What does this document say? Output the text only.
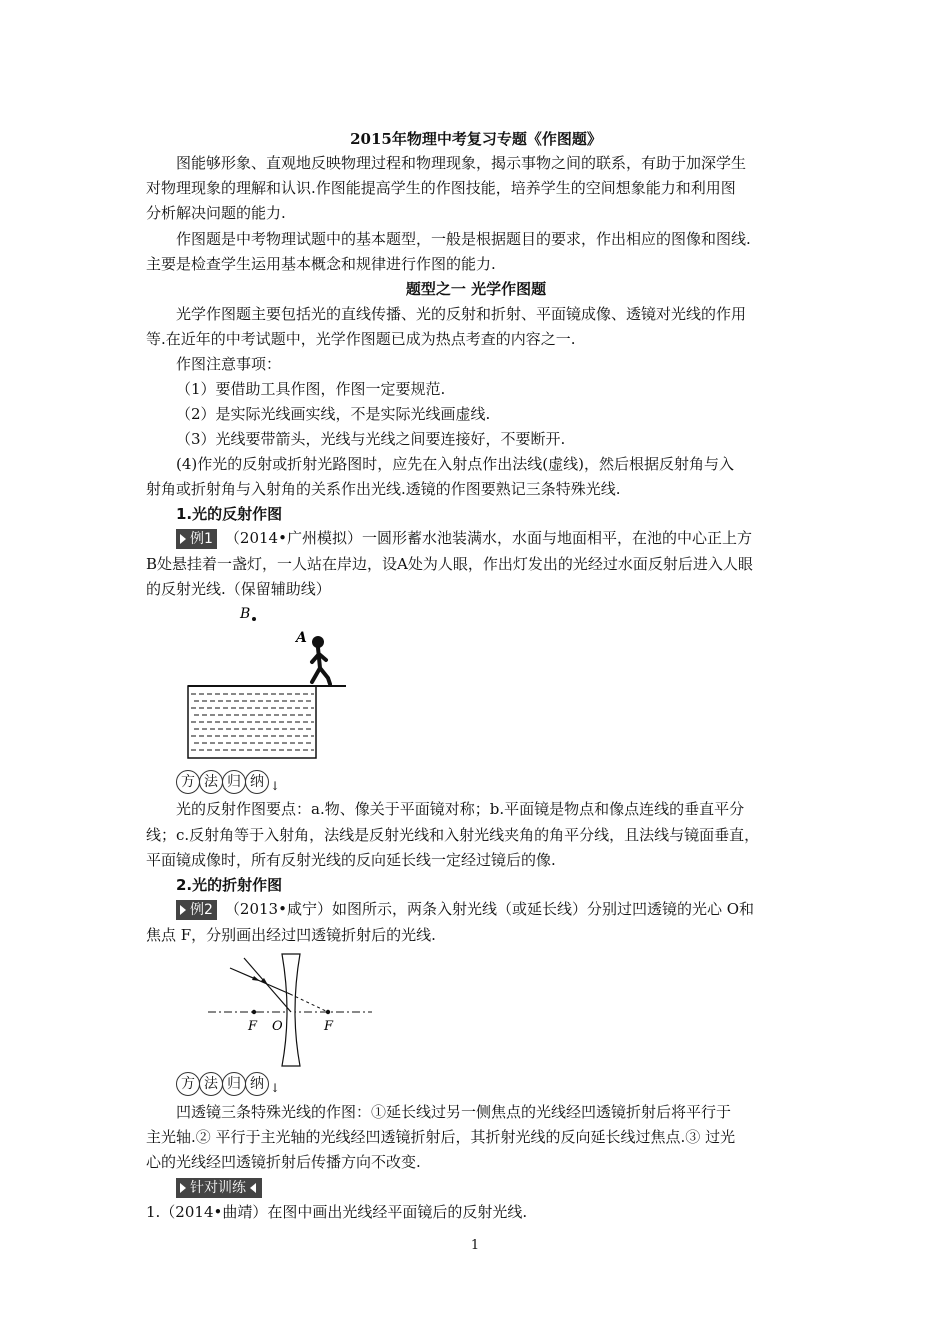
2015年物理中考复习专题《作图题》
图能够形象、直观地反映物理过程和物理现象，揭示事物之间的联系，有助于加深学生
对物理现象的理解和认识.作图能提高学生的作图技能，培养学生的空间想象能力和利用图
分析解决问题的能力.
作图题是中考物理试题中的基本题型，一般是根据题目的要求，作出相应的图像和图线.
主要是检查学生运用基本概念和规律进行作图的能力.
题型之一 光学作图题
光学作图题主要包括光的直线传播、光的反射和折射、平面镜成像、透镜对光线的作用
等.在近年的中考试题中，光学作图题已成为热点考查的内容之一.
作图注意事项：
（1）要借助工具作图，作图一定要规范.
（2）是实际光线画实线，不是实际光线画虚线.
（3）光线要带箭头，光线与光线之间要连接好，不要断开.
(4)作光的反射或折射光路图时，应先在入射点作出法线(虚线)，然后根据反射角与入
射角或折射角与入射角的关系作出光线.透镜的作图要熟记三条特殊光线.
1.光的反射作图
例1 （2014•广州模拟）一圆形蓄水池装满水，水面与地面相平，在池的中心正上方
B处悬挂着一盏灯，一人站在岸边，设A处为人眼，作出灯发出的光经过水面反射后进入人眼
的反射光线.（保留辅助线）
B
A
方 法 归 纳 ↓
光的反射作图要点：a.物、像关于平面镜对称；b.平面镜是物点和像点连线的垂直平分
线；c.反射角等于入射角，法线是反射光线和入射光线夹角的角平分线，且法线与镜面垂直，
平面镜成像时，所有反射光线的反向延长线一定经过镜后的像.
2.光的折射作图
例2 （2013•咸宁）如图所示，两条入射光线（或延长线）分别过凹透镜的光心 O和
焦点 F，分别画出经过凹透镜折射后的光线.
F O	F
方 法 归 纳 ↓
凹透镜三条特殊光线的作图：①延长线过另一侧焦点的光线经凹透镜折射后将平行于
主光轴.② 平行于主光轴的光线经凹透镜折射后，其折射光线的反向延长线过焦点.③ 过光
心的光线经凹透镜折射后传播方向不改变.
针对训练
1.（2014•曲靖）在图中画出光线经平面镜后的反射光线.
1
